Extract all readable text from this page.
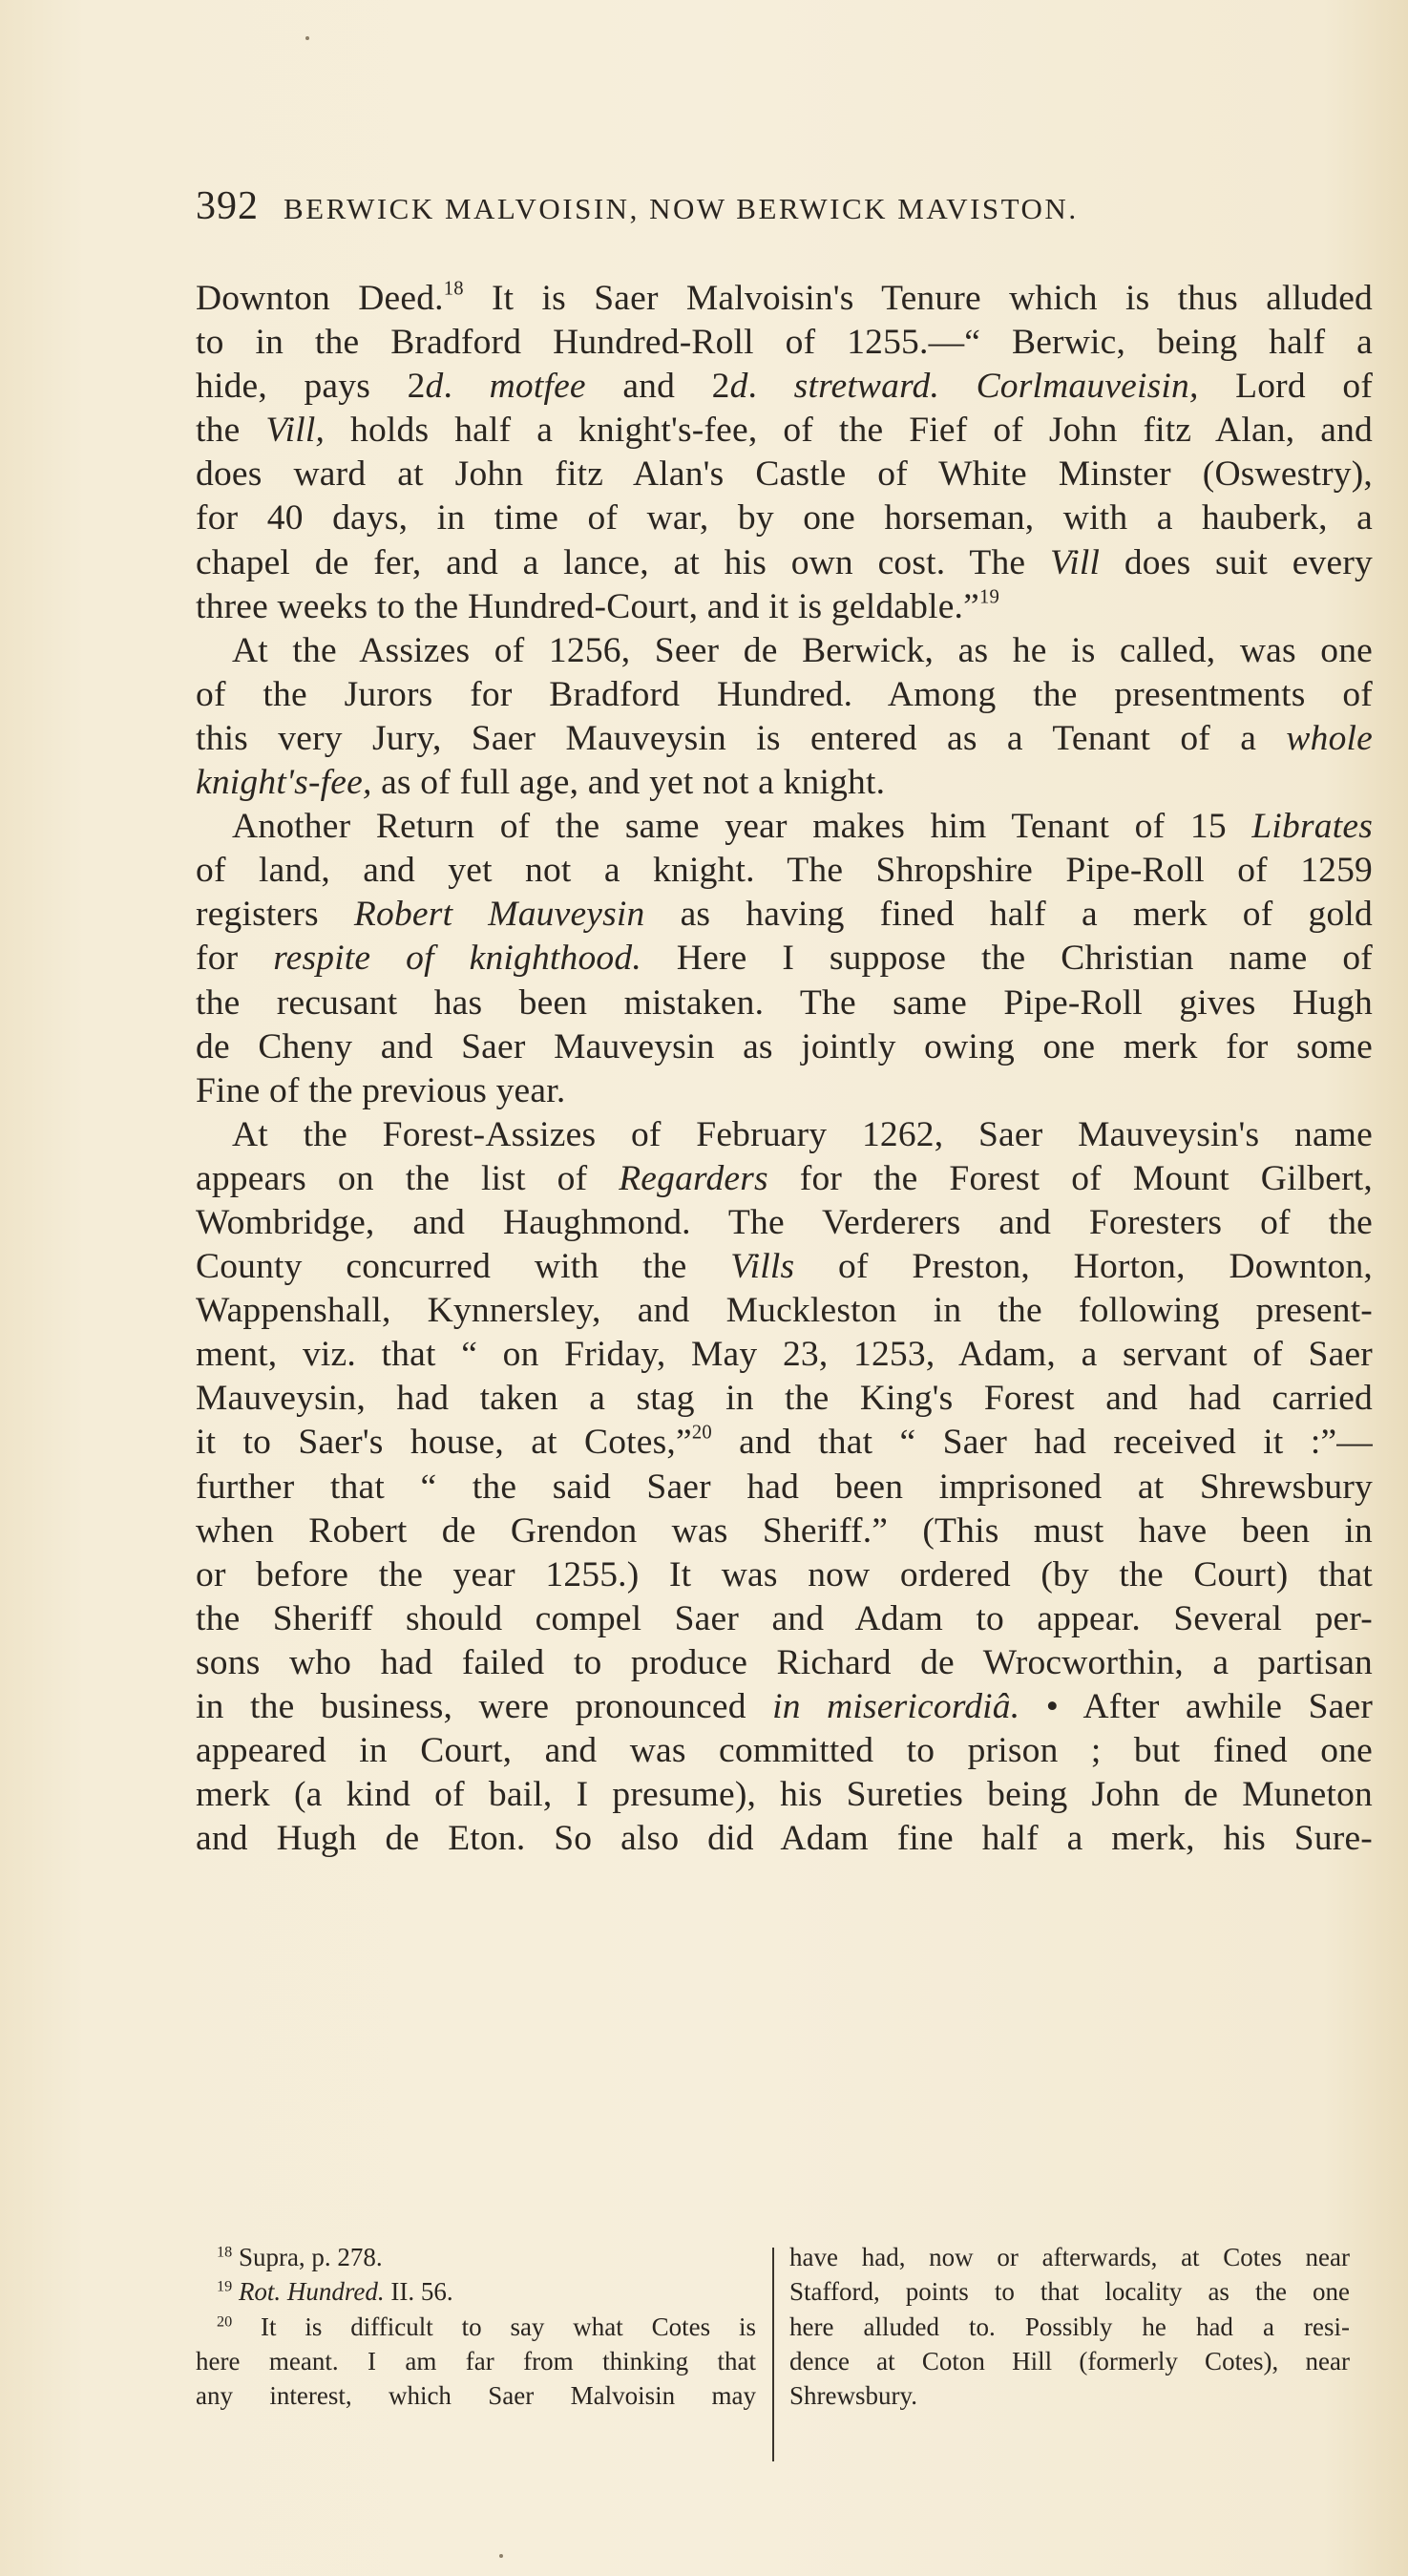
392 BERWICK MALVOISIN, NOW BERWICK MAVISTON.
Downton Deed.$^{18}$ It is Saer Malvoisin's Tenure which is thus alluded
to in the Bradford Hundred-Roll of 1255.—“ Berwic, being half a
hide, pays 2d. motfee and 2d. stretward. Corlmauveisin, Lord of
the Vill, holds half a knight's-fee, of the Fief of John fitz Alan, and
does ward at John fitz Alan's Castle of White Minster (Oswestry),
for 40 days, in time of war, by one horseman, with a hauberk, a
chapel de fer, and a lance, at his own cost. The Vill does suit every
three weeks to the Hundred-Court, and it is geldable.”$^{19}$
At the Assizes of 1256, Seer de Berwick, as he is called, was one
of the Jurors for Bradford Hundred. Among the presentments of
this very Jury, Saer Mauveysin is entered as a Tenant of a whole
knight's-fee, as of full age, and yet not a knight.
Another Return of the same year makes him Tenant of 15 Librates
of land, and yet not a knight. The Shropshire Pipe-Roll of 1259
registers Robert Mauveysin as having fined half a merk of gold
for respite of knighthood. Here I suppose the Christian name of
the recusant has been mistaken. The same Pipe-Roll gives Hugh
de Cheny and Saer Mauveysin as jointly owing one merk for some
Fine of the previous year.
At the Forest-Assizes of February 1262, Saer Mauveysin's name
appears on the list of Regarders for the Forest of Mount Gilbert,
Wombridge, and Haughmond. The Verderers and Foresters of the
County concurred with the Vills of Preston, Horton, Downton,
Wappenshall, Kynnersley, and Muckleston in the following present-
ment, viz. that “ on Friday, May 23, 1253, Adam, a servant of Saer
Mauveysin, had taken a stag in the King's Forest and had carried
it to Saer's house, at Cotes,”$^{20}$ and that “ Saer had received it :”—
further that “ the said Saer had been imprisoned at Shrewsbury
when Robert de Grendon was Sheriff.” (This must have been in
or before the year 1255.) It was now ordered (by the Court) that
the Sheriff should compel Saer and Adam to appear. Several per-
sons who had failed to produce Richard de Wrocworthin, a partisan
in the business, were pronounced in misericordiâ. • After awhile Saer
appeared in Court, and was committed to prison ; but fined one
merk (a kind of bail, I presume), his Sureties being John de Muneton
and Hugh de Eton. So also did Adam fine half a merk, his Sure-
$^{18}$ Supra, p. 278.
$^{19}$ Rot. Hundred. II. 56.
$^{20}$ It is difficult to say what Cotes is
here meant. I am far from thinking that
any interest, which Saer Malvoisin may
have had, now or afterwards, at Cotes near
Stafford, points to that locality as the one
here alluded to. Possibly he had a resi-
dence at Coton Hill (formerly Cotes), near
Shrewsbury.
